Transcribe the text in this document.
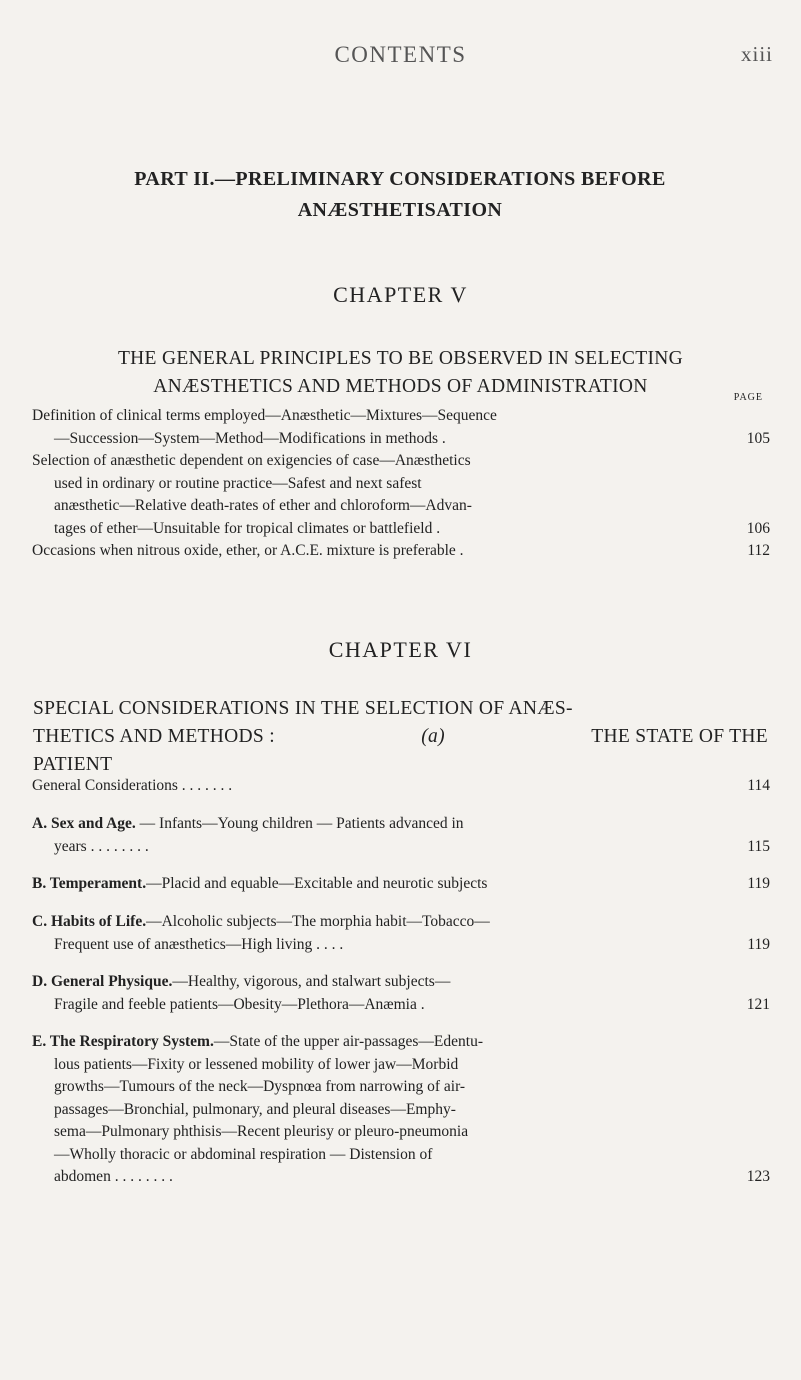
CONTENTS	xiii
PART II.—PRELIMINARY CONSIDERATIONS BEFORE
ANÆSTHETISATION
CHAPTER V
THE GENERAL PRINCIPLES TO BE OBSERVED IN SELECTING
ANÆSTHETICS AND METHODS OF ADMINISTRATION
PAGE
Definition of clinical terms employed—Anæsthetic—Mixtures—Sequence
—Succession—System—Method—Modifications in methods .	105
Selection of anæsthetic dependent on exigencies of case—Anæsthetics
used in ordinary or routine practice—Safest and next safest
anæsthetic—Relative death-rates of ether and chloroform—Advan-
tages of ether—Unsuitable for tropical climates or battlefield .	106
Occasions when nitrous oxide, ether, or A.C.E. mixture is preferable .	112
CHAPTER VI
SPECIAL CONSIDERATIONS IN THE SELECTION OF ANÆS-
THETICS AND METHODS :	(a)	THE STATE OF THE
PATIENT
General Considerations . . . . . . .	114
A. Sex and Age. — Infants—Young children — Patients advanced in
years . . . . . . . .	115
B. Temperament.—Placid and equable—Excitable and neurotic subjects	119
C. Habits of Life.—Alcoholic subjects—The morphia habit—Tobacco—
Frequent use of anæsthetics—High living . . . .	119
D. General Physique.—Healthy, vigorous, and stalwart subjects—
Fragile and feeble patients—Obesity—Plethora—Anæmia .	121
E. The Respiratory System.—State of the upper air-passages—Edentu-
lous patients—Fixity or lessened mobility of lower jaw—Morbid
growths—Tumours of the neck—Dyspnœa from narrowing of air-
passages—Bronchial, pulmonary, and pleural diseases—Emphy-
sema—Pulmonary phthisis—Recent pleurisy or pleuro-pneumonia
—Wholly thoracic or abdominal respiration — Distension of
abdomen . . . . . . . .	123
